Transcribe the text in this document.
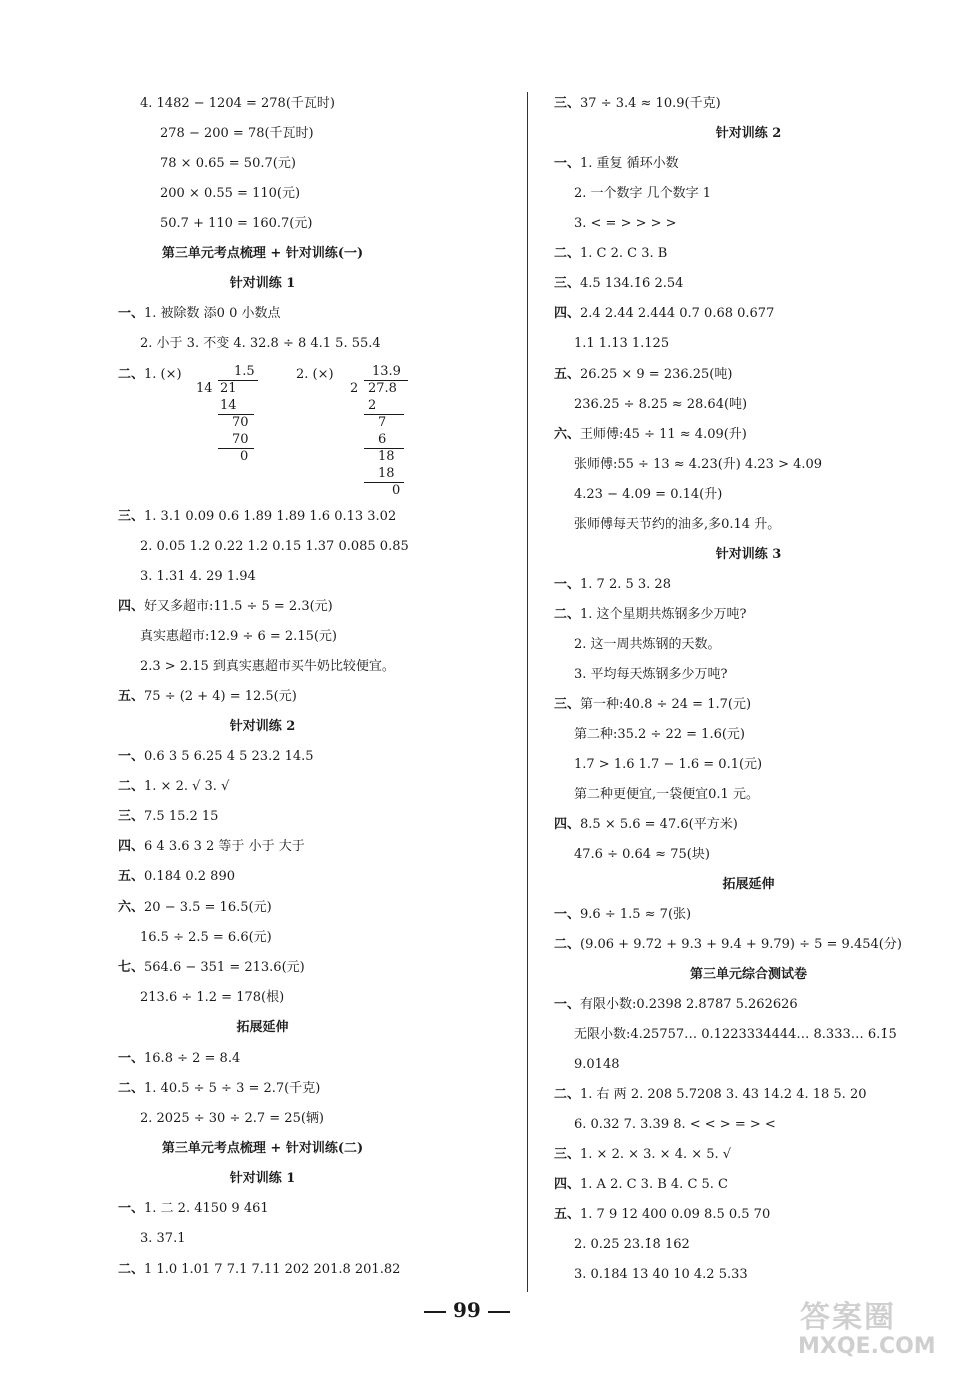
4. 1482 − 1204 = 278(千瓦时)
278 − 200 = 78(千瓦时)
78 × 0.65 = 50.7(元)
200 × 0.55 = 110(元)
50.7 + 110 = 160.7(元)
第三单元考点梳理 + 针对训练(一)
针对训练 1
一、1. 被除数 添0 0 小数点
2. 小于 3. 不变 4. 32.8 ÷ 8 4.1 5. 55.4
二、1. (×)	2. (×)
1.5
14 21
14
70
70
0
13.9
2 27.8
2
7
6
18
18
0
三、1. 3.1 0.09 0.6 1.89 1.89 1.6 0.13 3.02
2. 0.05 1.2 0.22 1.2 0.15 1.37 0.085 0.85
3. 1.31 4. 29 1.94
四、好又多超市:11.5 ÷ 5 = 2.3(元)
真实惠超市:12.9 ÷ 6 = 2.15(元)
2.3 > 2.15 到真实惠超市买牛奶比较便宜。
五、75 ÷ (2 + 4) = 12.5(元)
针对训练 2
一、0.6 3 5 6.25 4 5 23.2 14.5
二、1. × 2. √ 3. √
三、7.5 15.2 15
四、6 4 3.6 3 2 等于 小于 大于
五、0.184 0.2 890
六、20 − 3.5 = 16.5(元)
16.5 ÷ 2.5 = 6.6(元)
七、564.6 − 351 = 213.6(元)
213.6 ÷ 1.2 = 178(根)
拓展延伸
一、16.8 ÷ 2 = 8.4
二、1. 40.5 ÷ 5 ÷ 3 = 2.7(千克)
2. 2025 ÷ 30 ÷ 2.7 = 25(辆)
第三单元考点梳理 + 针对训练(二)
针对训练 1
一、1. 二 2. 4150 9 461
3. 37.1
二、1 1.0 1.01 7 7.1 7.11 202 201.8 201.82
三、37 ÷ 3.4 ≈ 10.9(千克)
针对训练 2
一、1. 重复 循环小数
2. 一个数字 几个数字 1
3. < = > > > >
二、1. C 2. C 3. B
三、4.5 134.1̇6̇ 2.54
四、2.4 2.44 2.444 0.7 0.68 0.677
1.1 1.13 1.125
五、26.25 × 9 = 236.25(吨)
236.25 ÷ 8.25 ≈ 28.64(吨)
六、王师傅:45 ÷ 11 ≈ 4.09(升)
张师傅:55 ÷ 13 ≈ 4.23(升) 4.23 > 4.09
4.23 − 4.09 = 0.14(升)
张师傅每天节约的油多,多0.14 升。
针对训练 3
一、1. 7 2. 5 3. 28
二、1. 这个星期共炼钢多少万吨?
2. 这一周共炼钢的天数。
3. 平均每天炼钢多少万吨?
三、第一种:40.8 ÷ 24 = 1.7(元)
第二种:35.2 ÷ 22 = 1.6(元)
1.7 > 1.6 1.7 − 1.6 = 0.1(元)
第二种更便宜,一袋便宜0.1 元。
四、8.5 × 5.6 = 47.6(平方米)
47.6 ÷ 0.64 ≈ 75(块)
拓展延伸
一、9.6 ÷ 1.5 ≈ 7(张)
二、(9.06 + 9.72 + 9.3 + 9.4 + 9.79) ÷ 5 = 9.454(分)
第三单元综合测试卷
一、有限小数:0.2398 2.8787 5.262626
无限小数:4.25757… 0.1223334444… 8.333… 6.1̇5̇
9.0148
二、1. 右 两 2. 208 5.7208 3. 43 14.2 4. 18 5. 20
6. 0.32 7. 3.39 8. < < > = > <
三、1. × 2. × 3. × 4. × 5. √
四、1. A 2. C 3. B 4. C 5. C
五、1. 7 9 12 400 0.09 8.5 0.5 70
2. 0.25 23.1̇8̇ 162
3. 0.184 13 40 10 4.2 5.33
99	答案圈
MXQE.COM
